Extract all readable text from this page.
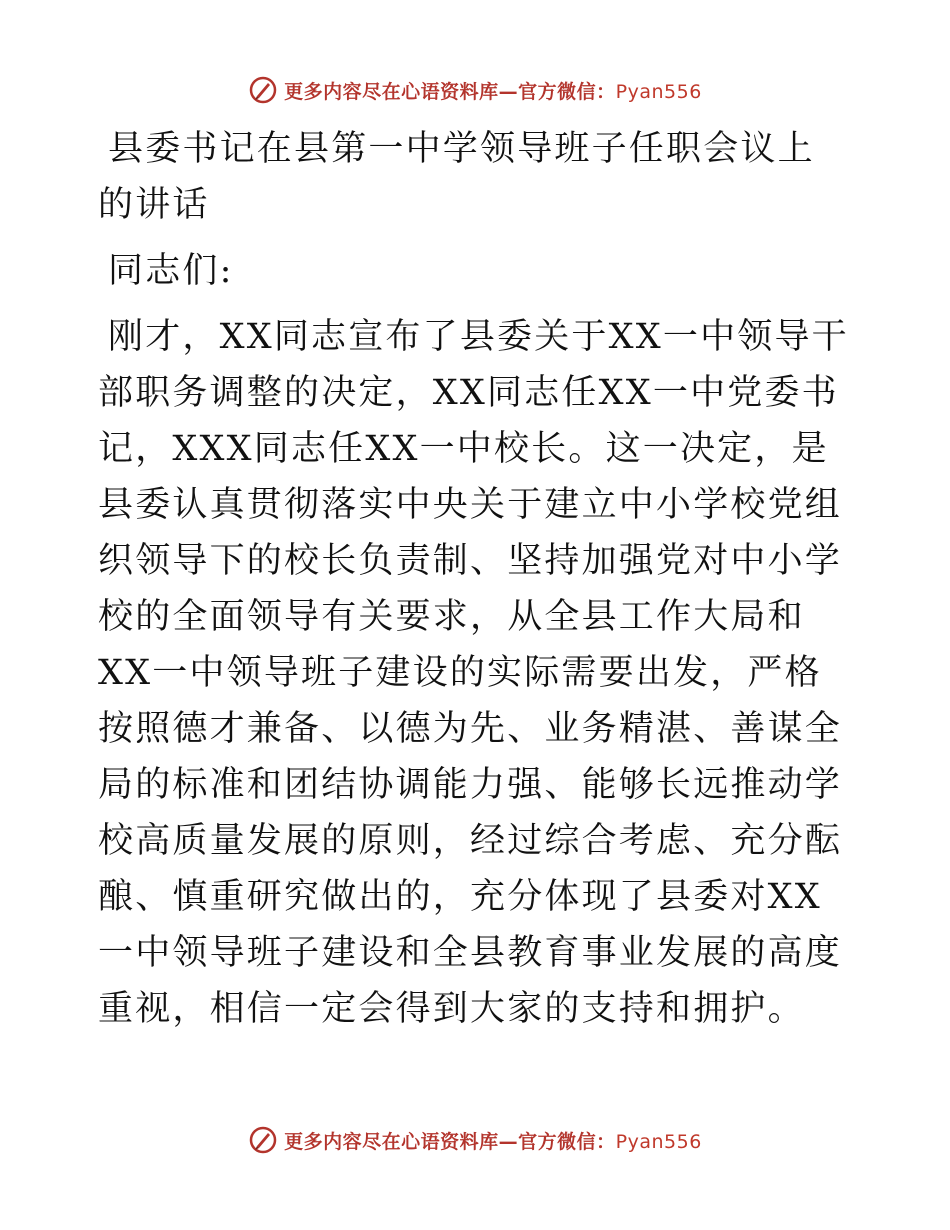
更多内容尽在心语资料库—官方微信：Pyan556
县委书记在县第一中学领导班子任职会议上的讲话

同志们:

刚才，XX同志宣布了县委关于XX一中领导干部职务调整的决定，XX同志任XX一中党委书记，XXX同志任XX一中校长。这一决定，是县委认真贯彻落实中央关于建立中小学校党组织领导下的校长负责制、坚持加强党对中小学校的全面领导有关要求，从全县工作大局和XX一中领导班子建设的实际需要出发，严格按照德才兼备、以德为先、业务精湛、善谋全局的标准和团结协调能力强、能够长远推动学校高质量发展的原则，经过综合考虑、充分酝酿、慎重研究做出的，充分体现了县委对XX一中领导班子建设和全县教育事业发展的高度重视，相信一定会得到大家的支持和拥护。

更多内容尽在心语资料库—官方微信：Pyan556
